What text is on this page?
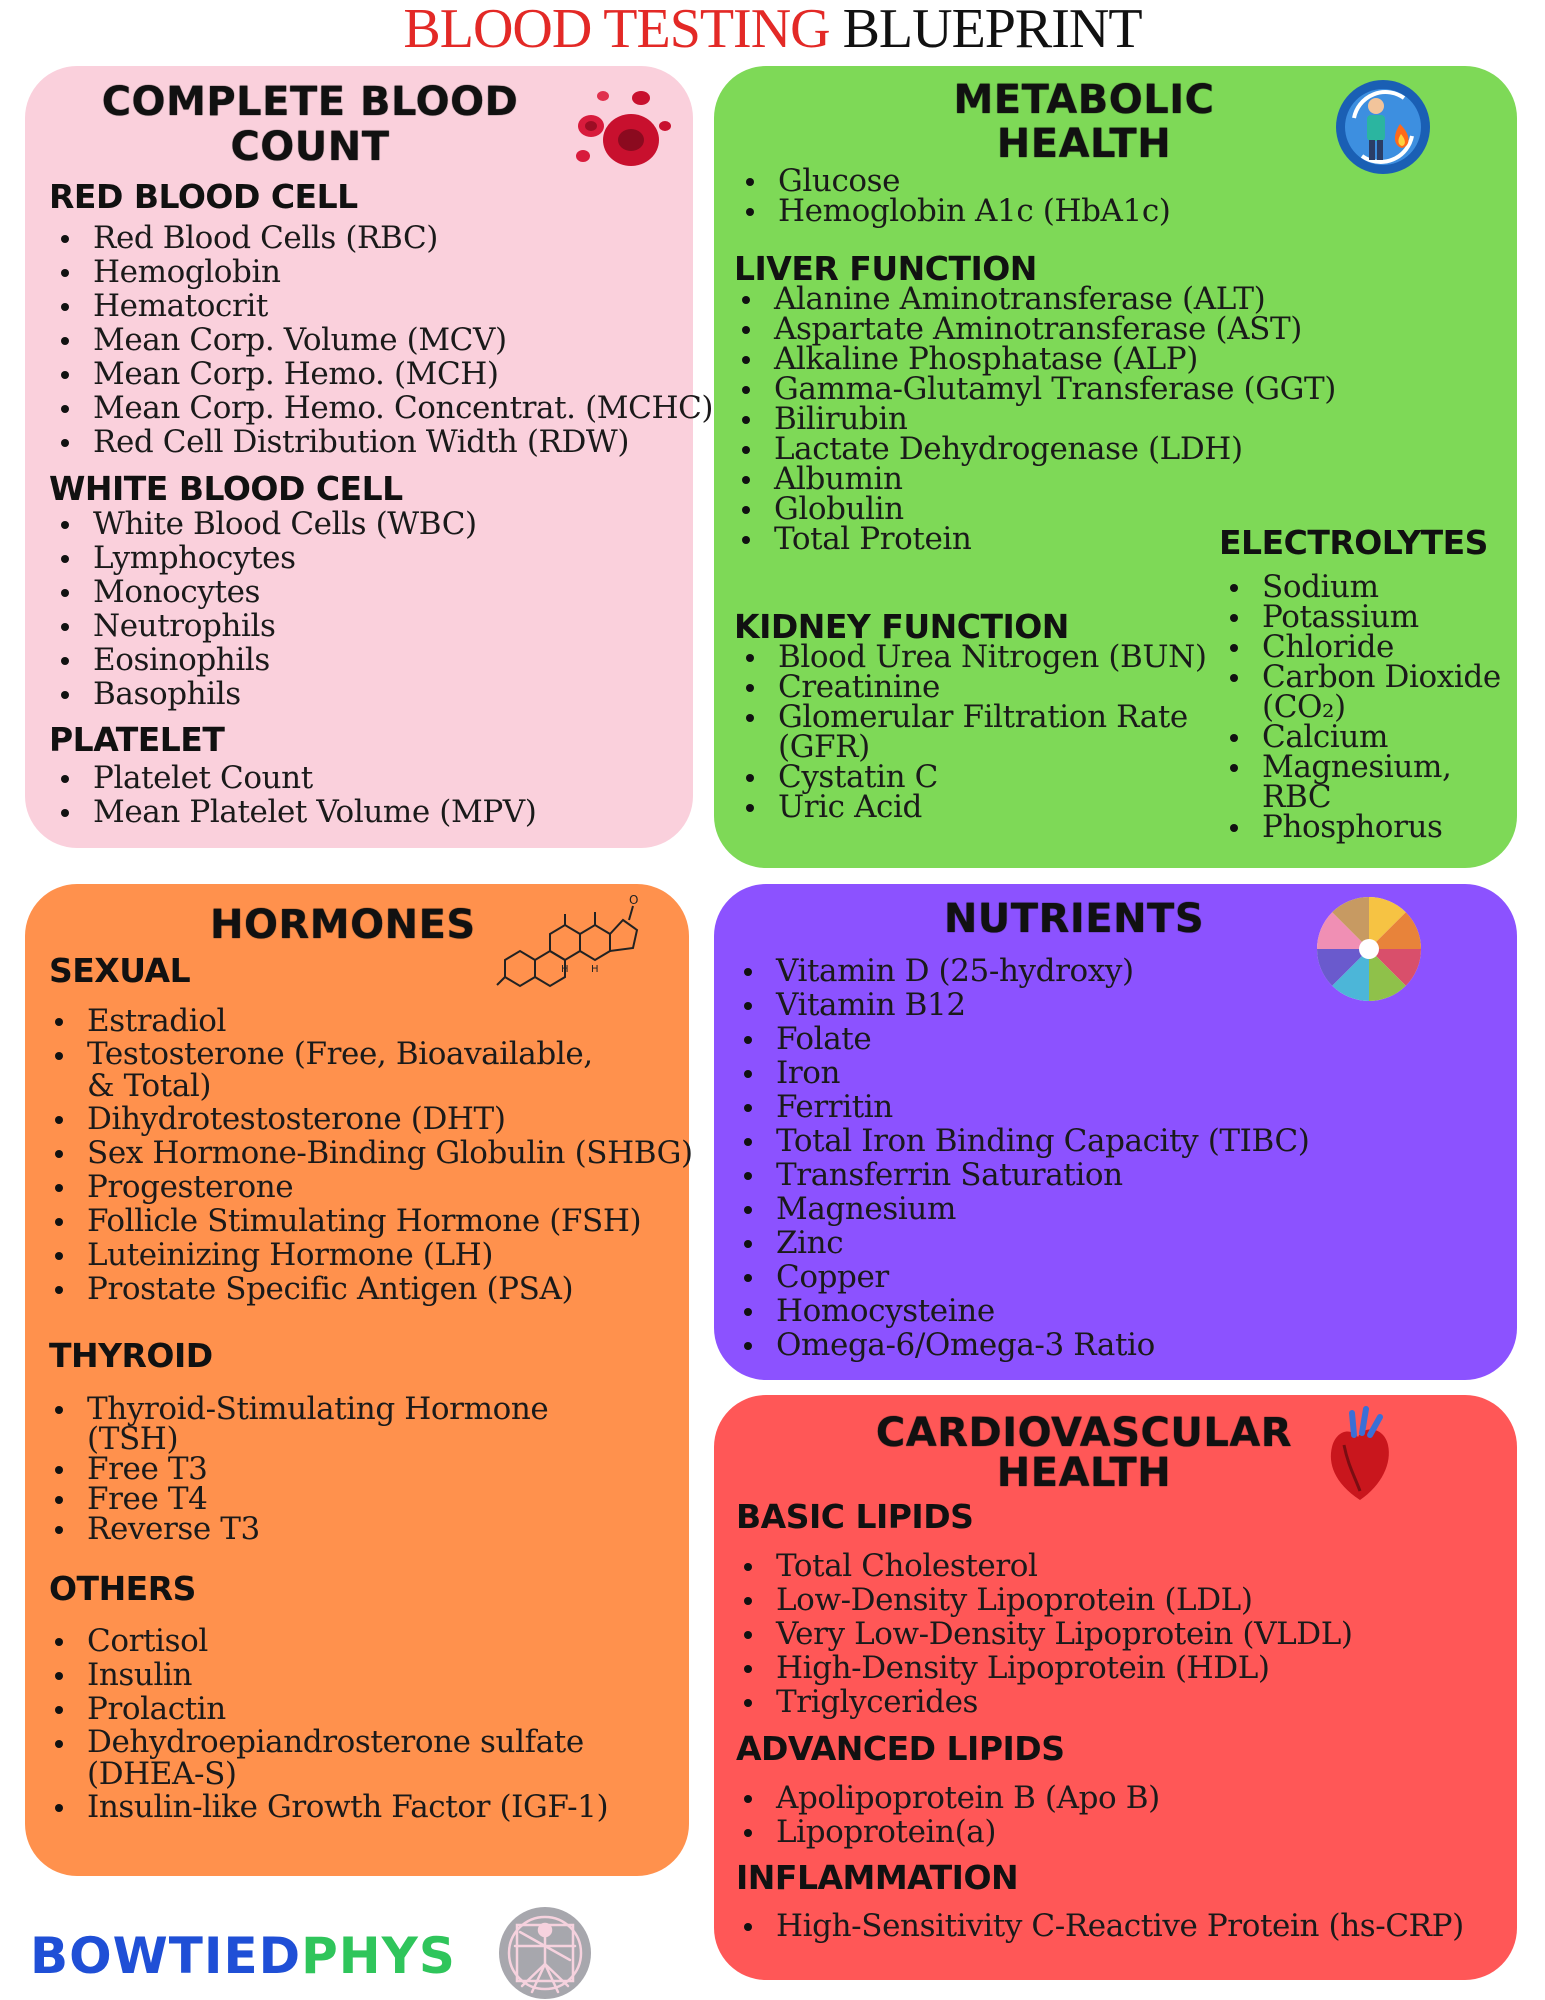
BLOOD TESTING BLUEPRINT
COMPLETE BLOOD COUNT
RED BLOOD CELL
Red Blood Cells (RBC)
Hemoglobin
Hematocrit
Mean Corp. Volume (MCV)
Mean Corp. Hemo. (MCH)
Mean Corp. Hemo. Concentrat. (MCHC)
Red Cell Distribution Width (RDW)
WHITE BLOOD CELL
White Blood Cells (WBC)
Lymphocytes
Monocytes
Neutrophils
Eosinophils
Basophils
PLATELET
Platelet Count
Mean Platelet Volume (MPV)
METABOLIC HEALTH
Glucose
Hemoglobin A1c (HbA1c)
LIVER FUNCTION
Alanine Aminotransferase (ALT)
Aspartate Aminotransferase (AST)
Alkaline Phosphatase (ALP)
Gamma-Glutamyl Transferase (GGT)
Bilirubin
Lactate Dehydrogenase (LDH)
Albumin
Globulin
Total Protein
KIDNEY FUNCTION
Blood Urea Nitrogen (BUN)
Creatinine
Glomerular Filtration Rate (GFR)
Cystatin C
Uric Acid
ELECTROLYTES
Sodium
Potassium
Chloride
Carbon Dioxide (CO₂)
Calcium
Magnesium, RBC
Phosphorus
HORMONES
O
H H
SEXUAL
Estradiol
Testosterone (Free, Bioavailable, & Total)
Dihydrotestosterone (DHT)
Sex Hormone-Binding Globulin (SHBG)
Progesterone
Follicle Stimulating Hormone (FSH)
Luteinizing Hormone (LH)
Prostate Specific Antigen (PSA)
THYROID
Thyroid-Stimulating Hormone (TSH)
Free T3
Free T4
Reverse T3
OTHERS
Cortisol
Insulin
Prolactin
Dehydroepiandrosterone sulfate (DHEA-S)
Insulin-like Growth Factor (IGF-1)
NUTRIENTS
Vitamin D (25-hydroxy)
Vitamin B12
Folate
Iron
Ferritin
Total Iron Binding Capacity (TIBC)
Transferrin Saturation
Magnesium
Zinc
Copper
Homocysteine
Omega-6/Omega-3 Ratio
CARDIOVASCULAR HEALTH
BASIC LIPIDS
Total Cholesterol
Low-Density Lipoprotein (LDL)
Very Low-Density Lipoprotein (VLDL)
High-Density Lipoprotein (HDL)
Triglycerides
ADVANCED LIPIDS
Apolipoprotein B (Apo B)
Lipoprotein(a)
INFLAMMATION
High-Sensitivity C-Reactive Protein (hs-CRP)
BOWTIEDPHYS
